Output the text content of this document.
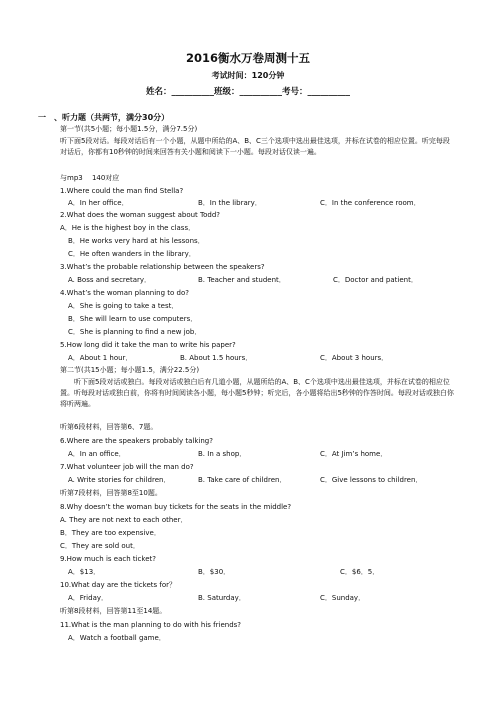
2016衡水万卷周测十五
考试时间：120分钟
姓名：__________班级：__________考号：__________
一　、听力题（共两节，满分30分）
第一节(共5小题；每小题1.5分，满分7.5分)
听下面5段对话。每段对话后有一个小题，从题中所给的A、B、C三个选项中选出最佳选项，并标在试卷的相应位置。听完每段对话后，你都有10秒钟的时间来回答有关小题和阅读下一小题。每段对话仅读一遍。
与mp3　 140对应
1.Where could the man find Stella?
A．In her office．	B．In the library．	C．In the conference room．
2.What does the woman suggest about Todd?
A．He is the highest boy in the class．
B．He works very hard at his lessons．
C．He often wanders in the library．
3.What’s the probable relationship between the speakers?
A. Boss and secretary．	B. Teacher and student．	C．Doctor and patient．
4.What’s the woman planning to do?
A．She is going to take a test．
B．She will learn to use computers．
C．She is planning to find a new job．
5.How long did it take the man to write his paper?
A．About 1 hour．	B. About 1.5 hours．	C．About 3 hours．
第二节(共15小题；每小题1.5，满分22.5分)
听下面5段对话或独白。每段对话或独白后有几道小题，从题所给的A、B、C个选项中选出最佳选项，并标在试卷的相应位置。听每段对话或独白前，你将有时间阅读各小题，每小题5秒钟；听完后，各小题将给出5秒钟的作答时间。每段对话或独白你将听两遍。
听第6段材料，回答第6、7题。
6.Where are the speakers probably talking?
A．In an office．	B. In a shop．	C．At Jim’s home．
7.What volunteer job will the man do?
A. Write stories for children．	B. Take care of children．	C．Give lessons to children．
听第7段材料，回答第8至10题。
8.Why doesn’t the woman buy tickets for the seats in the middle?
A. They are not next to each other．
B．They are too expensive．
C．They are sold out．
9.How much is each ticket?
A．$13．	B．$30．	C．$6．5．
10.What day are the tickets for？
A．Friday．	B. Saturday．	C．Sunday．
听第8段材料，回答第11至14题。
11.What is the man planning to do with his friends?
A．Watch a football game．
